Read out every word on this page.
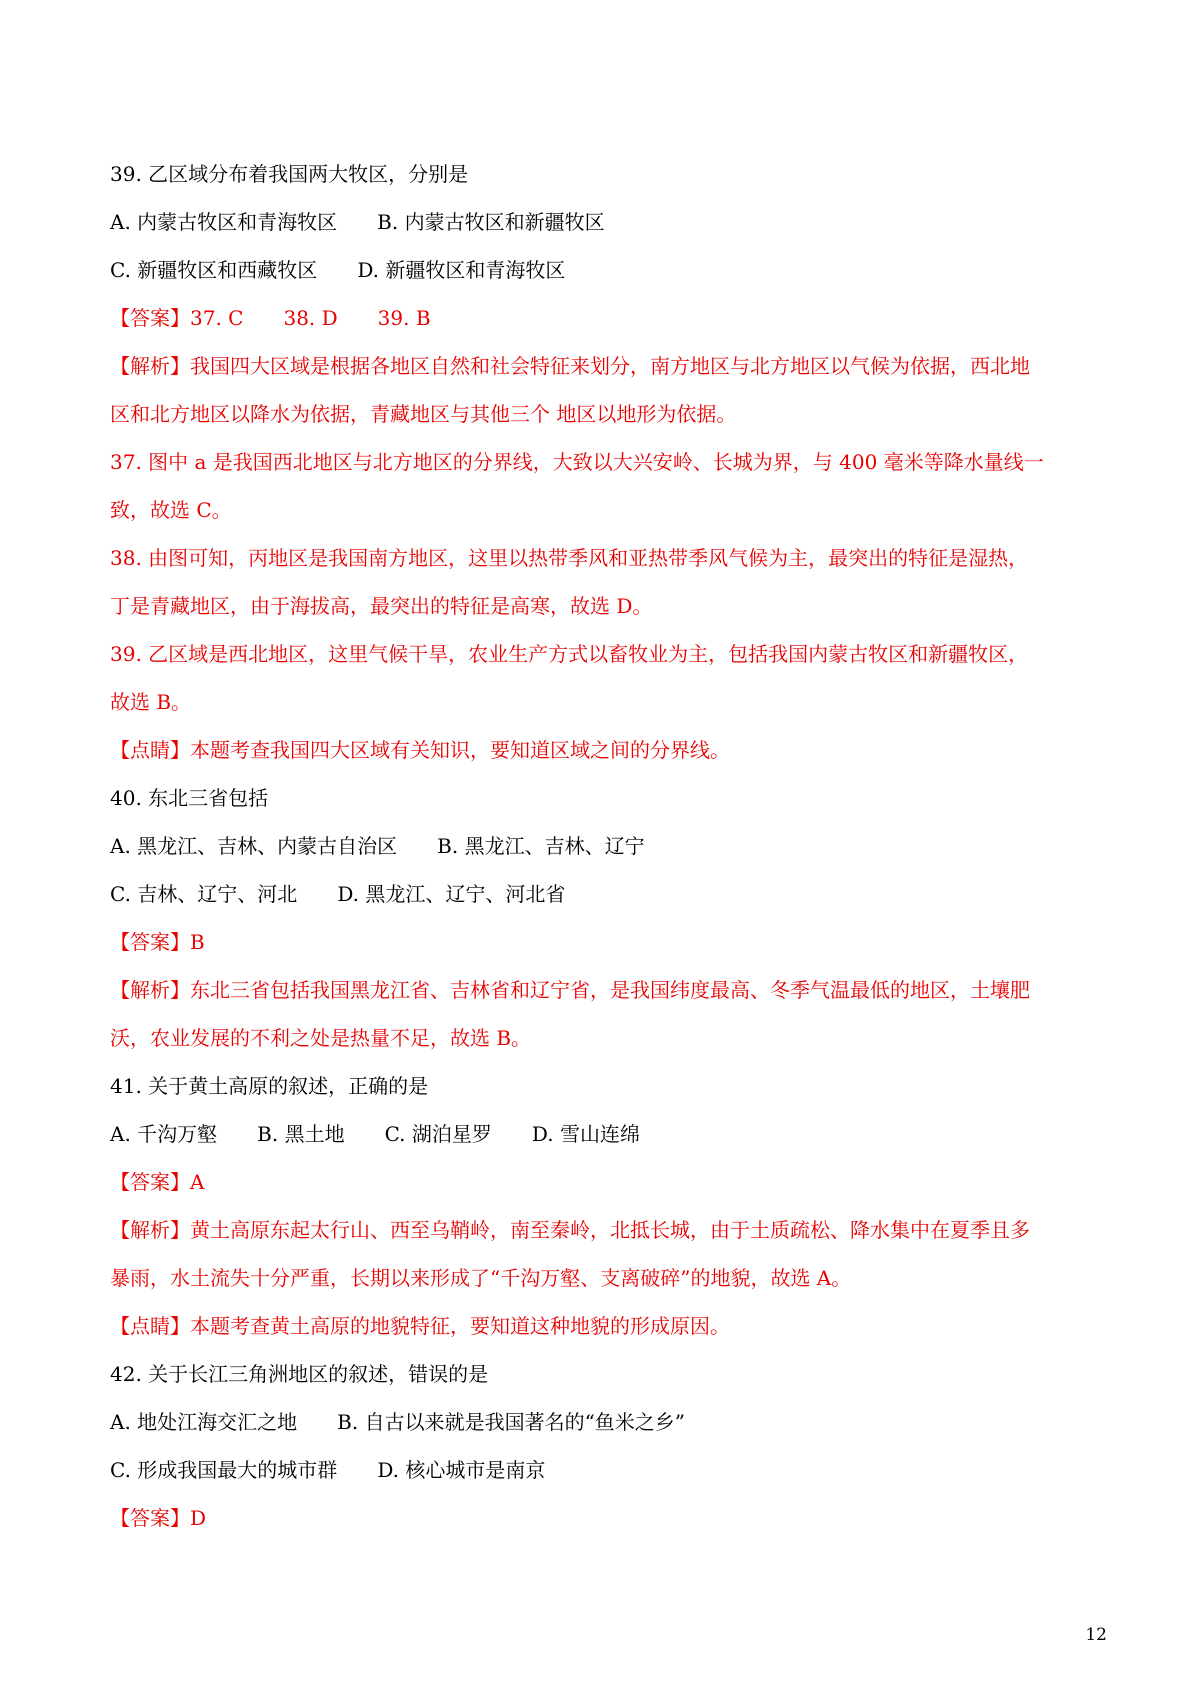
39. 乙区域分布着我国两大牧区，分别是
A. 内蒙古牧区和青海牧区 B. 内蒙古牧区和新疆牧区
C. 新疆牧区和西藏牧区 D. 新疆牧区和青海牧区
【答案】37. C 38. D 39. B
【解析】我国四大区域是根据各地区自然和社会特征来划分，南方地区与北方地区以气候为依据，西北地
区和北方地区以降水为依据，青藏地区与其他三个 地区以地形为依据。
37. 图中 a 是我国西北地区与北方地区的分界线，大致以大兴安岭、长城为界，与 400 毫米等降水量线一
致，故选 C。
38. 由图可知，丙地区是我国南方地区，这里以热带季风和亚热带季风气候为主，最突出的特征是湿热，
丁是青藏地区，由于海拔高，最突出的特征是高寒，故选 D。
39. 乙区域是西北地区，这里气候干旱，农业生产方式以畜牧业为主，包括我国内蒙古牧区和新疆牧区，
故选 B。
【点睛】本题考查我国四大区域有关知识，要知道区域之间的分界线。
40. 东北三省包括
A. 黑龙江、吉林、内蒙古自治区 B. 黑龙江、吉林、辽宁
C. 吉林、辽宁、河北 D. 黑龙江、辽宁、河北省
【答案】B
【解析】东北三省包括我国黑龙江省、吉林省和辽宁省，是我国纬度最高、冬季气温最低的地区，土壤肥
沃，农业发展的不利之处是热量不足，故选 B。
41. 关于黄土高原的叙述，正确的是
A. 千沟万壑 B. 黑土地 C. 湖泊星罗 D. 雪山连绵
【答案】A
【解析】黄土高原东起太行山、西至乌鞘岭，南至秦岭，北抵长城，由于土质疏松、降水集中在夏季且多
暴雨，水土流失十分严重，长期以来形成了“千沟万壑、支离破碎”的地貌，故选 A。
【点睛】本题考查黄土高原的地貌特征，要知道这种地貌的形成原因。
42. 关于长江三角洲地区的叙述，错误的是
A. 地处江海交汇之地 B. 自古以来就是我国著名的“鱼米之乡”
C. 形成我国最大的城市群 D. 核心城市是南京
【答案】D
12
